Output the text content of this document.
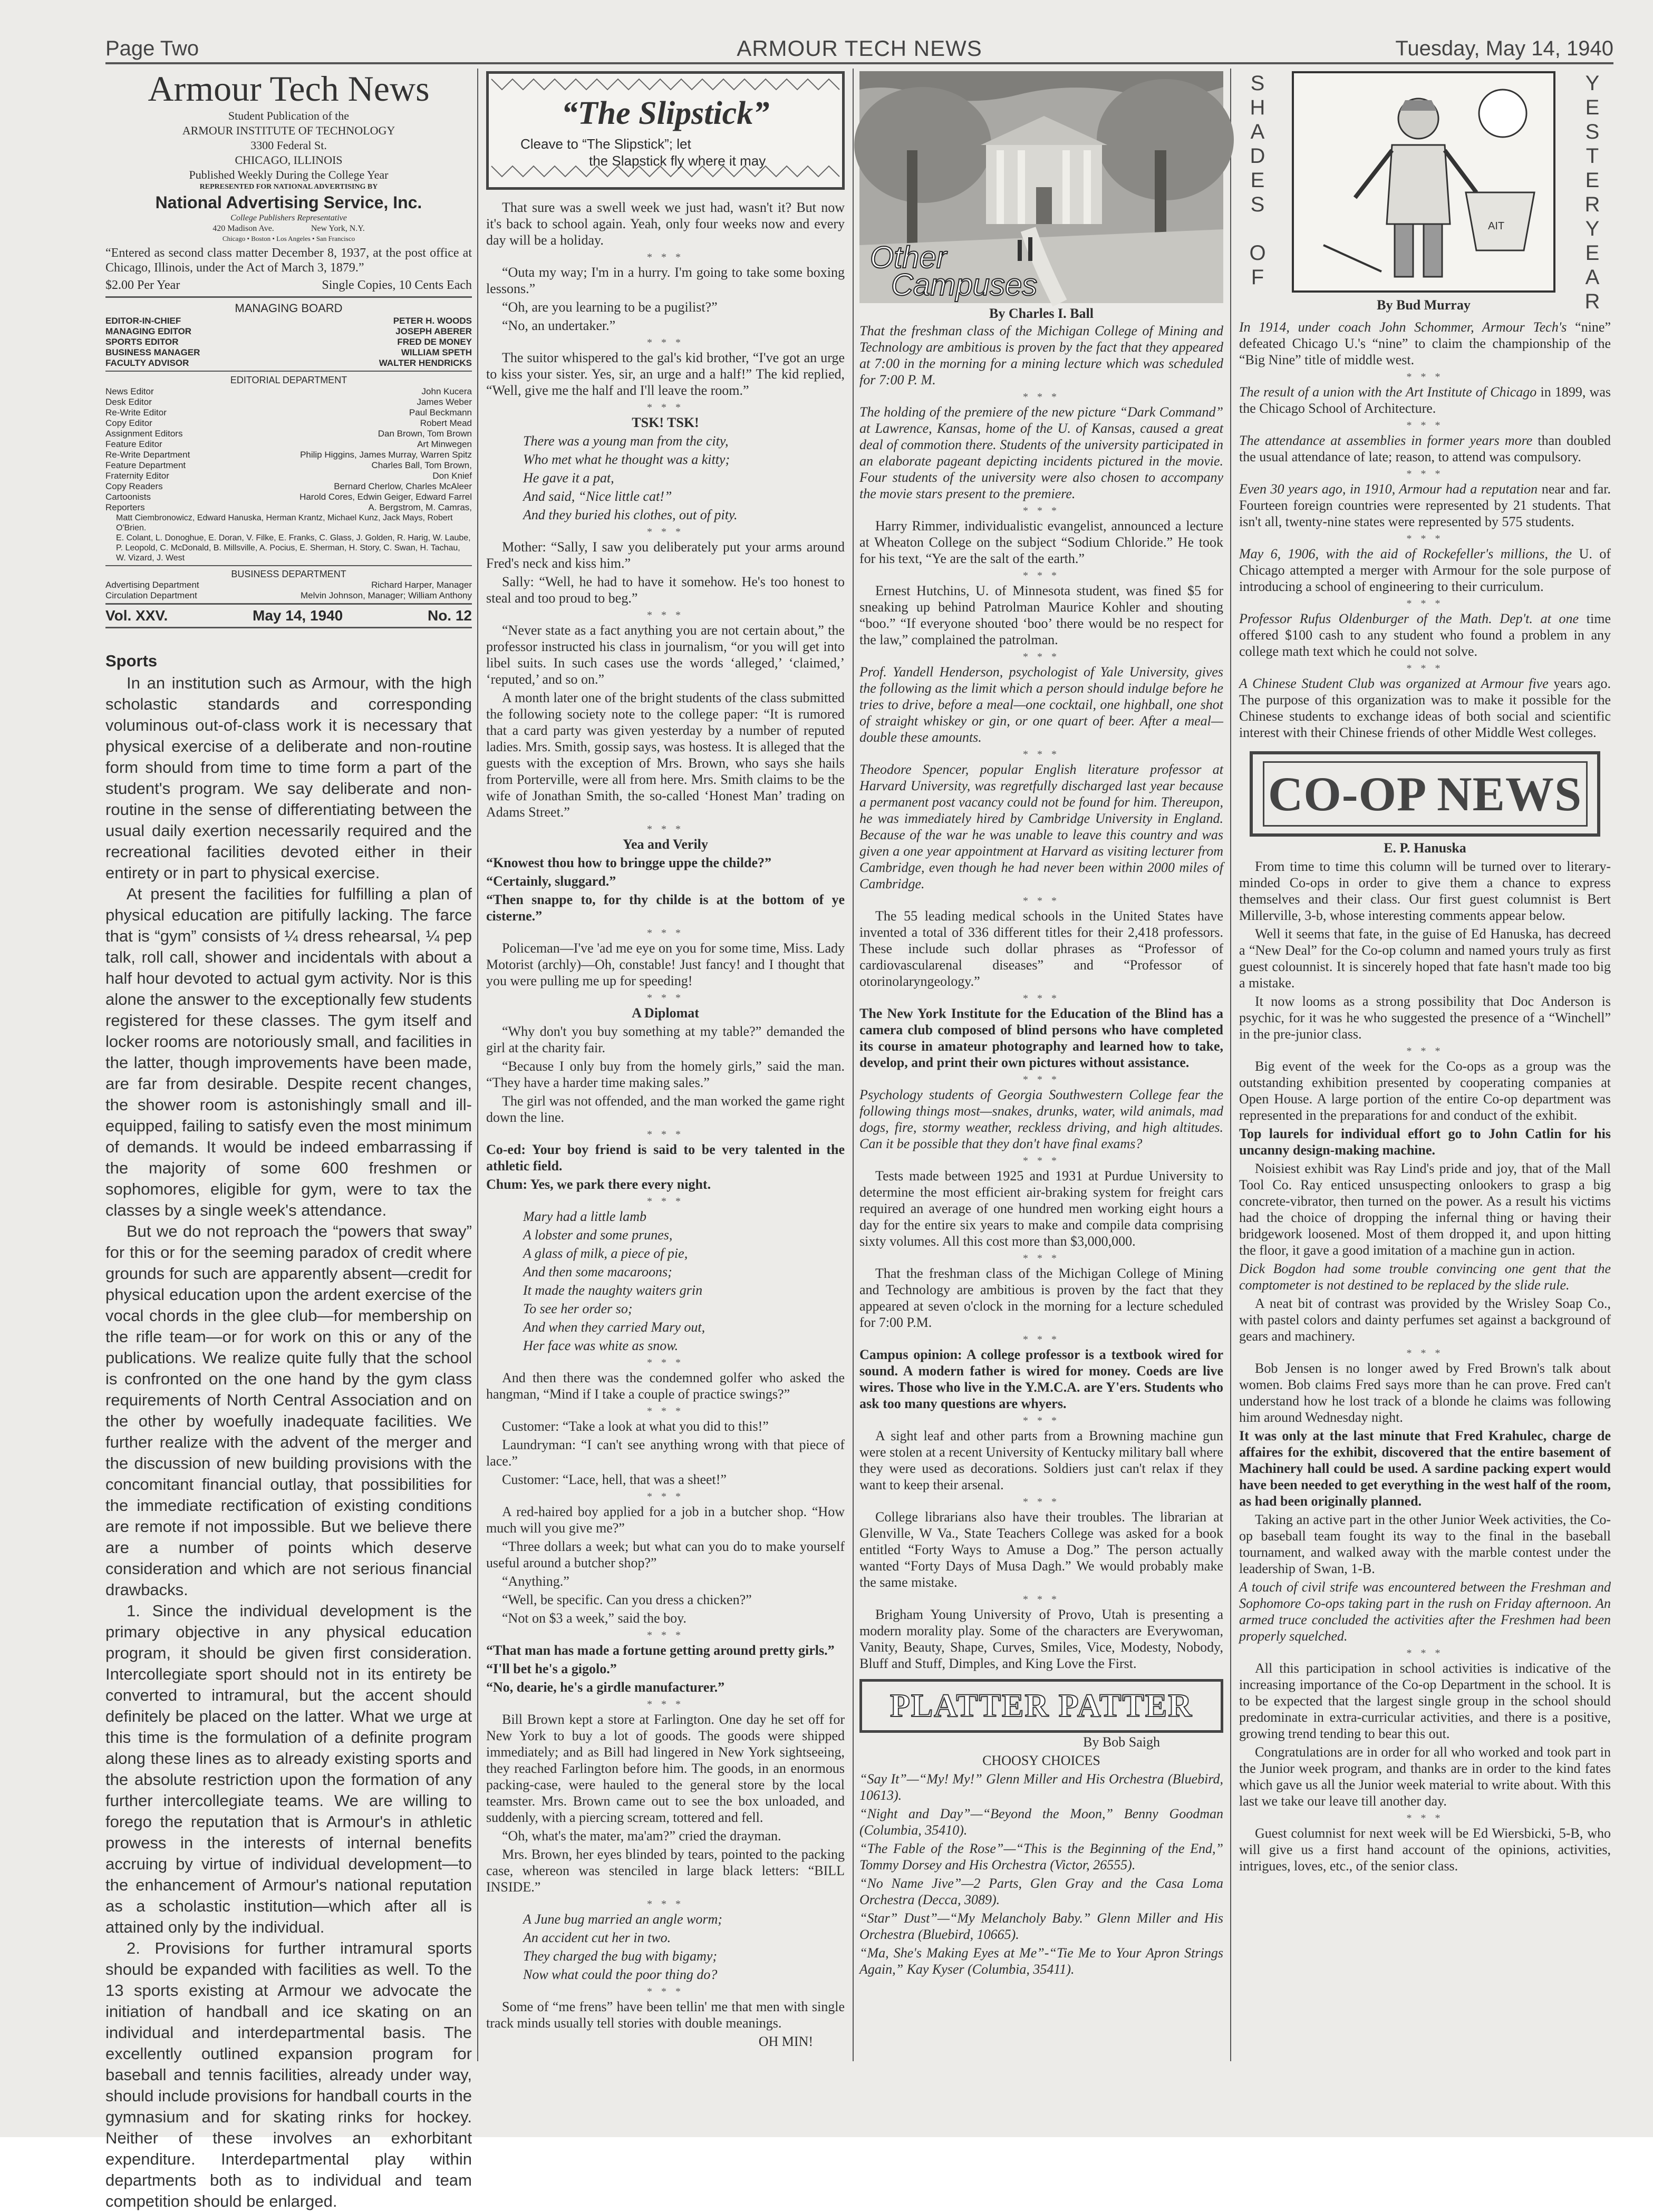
Page Two	ARMOUR TECH NEWS	Tuesday, May 14, 1940
Armour Tech News

Student Publication of the

ARMOUR INSTITUTE OF TECHNOLOGY

3300 Federal St.

CHICAGO, ILLINOIS

Published Weekly During the College Year

REPRESENTED FOR NATIONAL ADVERTISING BY

National Advertising Service, Inc.

College Publishers Representative

420 Madison Ave.	New York, N.Y.

Chicago • Boston • Los Angeles • San Francisco

“Entered as second class matter December 8, 1937, at the post office at Chicago, Illinois, under the Act of March 3, 1879.”

$2.00 Per Year	Single Copies, 10 Cents Each

MANAGING BOARD

EDITOR-IN-CHIEF	PETER H. WOODS
MANAGING EDITOR	JOSEPH ABERER
SPORTS EDITOR	FRED DE MONEY
BUSINESS MANAGER	WILLIAM SPETH
FACULTY ADVISOR	WALTER HENDRICKS

EDITORIAL DEPARTMENT

News Editor	John Kucera
Desk Editor	James Weber
Re-Write Editor	Paul Beckmann
Copy Editor	Robert Mead
Assignment Editors	Dan Brown, Tom Brown
Feature Editor	Art Minwegen
Re-Write Department	Philip Higgins, James Murray, Warren Spitz
Feature Department	Charles Ball, Tom Brown,
Fraternity Editor	Don Knief
Copy Readers	Bernard Cherlow, Charles McAleer
Cartoonists	Harold Cores, Edwin Geiger, Edward Farrel
Reporters	A. Bergstrom, M. Camras,

Matt Ciembronowicz, Edward Hanuska, Herman Krantz, Michael Kunz, Jack Mays, Robert O'Brien.

E. Colant, L. Donoghue, E. Doran, V. Filke, E. Franks, C. Glass, J. Golden, R. Harig, W. Laube, P. Leopold, C. McDonald, B. Millsville, A. Pocius, E. Sherman, H. Story, C. Swan, H. Tachau, W. Vizard, J. West

BUSINESS DEPARTMENT

Advertising Department	Richard Harper, Manager
Circulation Department	Melvin Johnson, Manager; William Anthony
Vol. XXV.	May 14, 1940	No. 12
Sports

In an institution such as Armour, with the high scholastic standards and corresponding voluminous out-of-class work it is necessary that physical exercise of a deliberate and non-routine form should from time to time form a part of the student's program. We say deliberate and non-routine in the sense of differentiating between the usual daily exertion necessarily required and the recreational facilities devoted either in their entirety or in part to physical exercise.

At present the facilities for fulfilling a plan of physical education are pitifully lacking. The farce that is “gym” consists of ¼ dress rehearsal, ¼ pep talk, roll call, shower and incidentals with about a half hour devoted to actual gym activity. Nor is this alone the answer to the exceptionally few students registered for these classes. The gym itself and locker rooms are notoriously small, and facilities in the latter, though improvements have been made, are far from desirable. Despite recent changes, the shower room is astonishingly small and ill-equipped, failing to satisfy even the most minimum of demands. It would be indeed embarrassing if the majority of some 600 freshmen or sophomores, eligible for gym, were to tax the classes by a single week's attendance.

But we do not reproach the “powers that sway” for this or for the seeming paradox of credit where grounds for such are apparently absent—credit for physical education upon the ardent exercise of the vocal chords in the glee club—for membership on the rifle team—or for work on this or any of the publications. We realize quite fully that the school is confronted on the one hand by the gym class requirements of North Central Association and on the other by woefully inadequate facilities. We further realize with the advent of the merger and the discussion of new building provisions with the concomitant financial outlay, that possibilities for the immediate rectification of existing conditions are remote if not impossible. But we believe there are a number of points which deserve consideration and which are not serious financial drawbacks.

1. Since the individual development is the primary objective in any physical education program, it should be given first consideration. Intercollegiate sport should not in its entirety be converted to intramural, but the accent should definitely be placed on the latter. What we urge at this time is the formulation of a definite program along these lines as to already existing sports and the absolute restriction upon the formation of any further intercollegiate teams. We are willing to forego the reputation that is Armour's in athletic prowess in the interests of internal benefits accruing by virtue of individual development—to the enhancement of Armour's national reputation as a scholastic institution—which after all is attained only by the individual.

2. Provisions for further intramural sports should be expanded with facilities as well. To the 13 sports existing at Armour we advocate the initiation of handball and ice skating on an individual and interdepartmental basis. The excellently outlined expansion program for baseball and tennis facilities, already under way, should include provisions for handball courts in the gymnasium and for skating rinks for hockey. Neither of these involves an exhorbitant expenditure. Interdepartmental play within departments both as to individual and team competition should be enlarged.

“The Slipstick”
Cleave to “The Slipstick”; let
the Slapstick fly where it may

That sure was a swell week we just had, wasn't it? But now it's back to school again. Yeah, only four weeks now and every day will be a holiday.

* * *

“Outa my way; I'm in a hurry. I'm going to take some boxing lessons.”

“Oh, are you learning to be a pugilist?”

“No, an undertaker.”

* * *

The suitor whispered to the gal's kid brother, “I've got an urge to kiss your sister. Yes, sir, an urge and a half!” The kid replied, “Well, give me the half and I'll leave the room.”

* * *

TSK! TSK!

There was a young man from the city,

Who met what he thought was a kitty;

He gave it a pat,

And said, “Nice little cat!”

And they buried his clothes, out of pity.

* * *

Mother: “Sally, I saw you deliberately put your arms around Fred's neck and kiss him.”

Sally: “Well, he had to have it somehow. He's too honest to steal and too proud to beg.”

* * *

“Never state as a fact anything you are not certain about,” the professor instructed his class in journalism, “or you will get into libel suits. In such cases use the words ‘alleged,’ ‘claimed,’ ‘reputed,’ and so on.”

A month later one of the bright students of the class submitted the following society note to the college paper: “It is rumored that a card party was given yesterday by a number of reputed ladies. Mrs. Smith, gossip says, was hostess. It is alleged that the guests with the exception of Mrs. Brown, who says she hails from Porterville, were all from here. Mrs. Smith claims to be the wife of Jonathan Smith, the so-called ‘Honest Man’ trading on Adams Street.”

* * *

Yea and Verily

“Knowest thou how to bringge uppe the childe?”

“Certainly, sluggard.”

“Then snappe to, for thy childe is at the bottom of ye cisterne.”

* * *

Policeman—I've 'ad me eye on you for some time, Miss. Lady Motorist (archly)—Oh, constable! Just fancy! and I thought that you were pulling me up for speeding!

* * *

A Diplomat

“Why don't you buy something at my table?” demanded the girl at the charity fair.

“Because I only buy from the homely girls,” said the man. “They have a harder time making sales.”

The girl was not offended, and the man worked the game right down the line.

* * *

Co-ed: Your boy friend is said to be very talented in the athletic field.

Chum: Yes, we park there every night.

* * *

Mary had a little lamb

A lobster and some prunes,

A glass of milk, a piece of pie,

And then some macaroons;

It made the naughty waiters grin

To see her order so;

And when they carried Mary out,

Her face was white as snow.

* * *

And then there was the condemned golfer who asked the hangman, “Mind if I take a couple of practice swings?”

* * *

Customer: “Take a look at what you did to this!”

Laundryman: “I can't see anything wrong with that piece of lace.”

Customer: “Lace, hell, that was a sheet!”

* * *

A red-haired boy applied for a job in a butcher shop. “How much will you give me?”

“Three dollars a week; but what can you do to make yourself useful around a butcher shop?”

“Anything.”

“Well, be specific. Can you dress a chicken?”

“Not on $3 a week,” said the boy.

* * *

“That man has made a fortune getting around pretty girls.”

“I'll bet he's a gigolo.”

“No, dearie, he's a girdle manufacturer.”

* * *

Bill Brown kept a store at Farlington. One day he set off for New York to buy a lot of goods. The goods were shipped immediately; and as Bill had lingered in New York sightseeing, they reached Farlington before him. The goods, in an enormous packing-case, were hauled to the general store by the local teamster. Mrs. Brown came out to see the box unloaded, and suddenly, with a piercing scream, tottered and fell.

“Oh, what's the mater, ma'am?” cried the drayman.

Mrs. Brown, her eyes blinded by tears, pointed to the packing case, whereon was stenciled in large black letters: “BILL INSIDE.”

* * *

A June bug married an angle worm;

An accident cut her in two.

They charged the bug with bigamy;

Now what could the poor thing do?

* * *

Some of “me frens” have been tellin' me that men with single track minds usually tell stories with double meanings.

OH MIN!

Other
Campuses

By Charles I. Ball

That the freshman class of the Michigan College of Mining and Technology are ambitious is proven by the fact that they appeared at 7:00 in the morning for a mining lecture which was scheduled for 7:00 P. M.

* * *

The holding of the premiere of the new picture “Dark Command” at Lawrence, Kansas, home of the U. of Kansas, caused a great deal of commotion there. Students of the university participated in an elaborate pageant depicting incidents pictured in the movie. Four students of the university were also chosen to accompany the movie stars present to the premiere.

* * *

Harry Rimmer, individualistic evangelist, announced a lecture at Wheaton College on the subject “Sodium Chloride.” He took for his text, “Ye are the salt of the earth.”

* * *

Ernest Hutchins, U. of Minnesota student, was fined $5 for sneaking up behind Patrolman Maurice Kohler and shouting “boo.” “If everyone shouted ‘boo’ there would be no respect for the law,” complained the patrolman.

* * *

Prof. Yandell Henderson, psychologist of Yale University, gives the following as the limit which a person should indulge before he tries to drive, before a meal—one cocktail, one highball, one shot of straight whiskey or gin, or one quart of beer. After a meal—double these amounts.

* * *

Theodore Spencer, popular English literature professor at Harvard University, was regretfully discharged last year because a permanent post vacancy could not be found for him. Thereupon, he was immediately hired by Cambridge University in England. Because of the war he was unable to leave this country and was given a one year appointment at Harvard as visiting lecturer from Cambridge, even though he had never been within 2000 miles of Cambridge.

* * *

The 55 leading medical schools in the United States have invented a total of 336 different titles for their 2,418 professors. These include such dollar phrases as “Professor of cardiovascularenal diseases” and “Professor of otorinolaryngeology.”

* * *

The New York Institute for the Education of the Blind has a camera club composed of blind persons who have completed its course in amateur photography and learned how to take, develop, and print their own pictures without assistance.

* * *

Psychology students of Georgia Southwestern College fear the following things most—snakes, drunks, water, wild animals, mad dogs, fire, stormy weather, reckless driving, and high altitudes. Can it be possible that they don't have final exams?

* * *

Tests made between 1925 and 1931 at Purdue University to determine the most efficient air-braking system for freight cars required an average of one hundred men working eight hours a day for the entire six years to make and compile data comprising sixty volumes. All this cost more than $3,000,000.

* * *

That the freshman class of the Michigan College of Mining and Technology are ambitious is proven by the fact that they appeared at seven o'clock in the morning for a lecture scheduled for 7:00 P.M.

* * *

Campus opinion: A college professor is a textbook wired for sound. A modern father is wired for money. Coeds are live wires. Those who live in the Y.M.C.A. are Y'ers. Students who ask too many questions are whyers.

* * *

A sight leaf and other parts from a Browning machine gun were stolen at a recent University of Kentucky military ball where they were used as decorations. Soldiers just can't relax if they want to keep their arsenal.

* * *

College librarians also have their troubles. The librarian at Glenville, W Va., State Teachers College was asked for a book entitled “Forty Ways to Amuse a Dog.” The person actually wanted “Forty Days of Musa Dagh.” We would probably make the same mistake.

* * *

Brigham Young University of Provo, Utah is presenting a modern morality play. Some of the characters are Everywoman, Vanity, Beauty, Shape, Curves, Smiles, Vice, Modesty, Nobody, Bluff and Stuff, Dimples, and King Love the First.

PLATTER PATTER

By Bob Saigh

CHOOSY CHOICES

“Say It”—“My! My!” Glenn Miller and His Orchestra (Bluebird, 10613).

“Night and Day”—“Beyond the Moon,” Benny Goodman (Columbia, 35410).

“The Fable of the Rose”—“This is the Beginning of the End,” Tommy Dorsey and His Orchestra (Victor, 26555).

“No Name Jive”—2 Parts, Glen Gray and the Casa Loma Orchestra (Decca, 3089).

“Star” Dust”—“My Melancholy Baby.” Glenn Miller and His Orchestra (Bluebird, 10665).

“Ma, She's Making Eyes at Me”-“Tie Me to Your Apron Strings Again,” Kay Kyser (Columbia, 35411).

S
H
A
D
E
S

O
F
Y
E
S
T
E
R
Y
E
A
R
AIT

By Bud Murray

In 1914, under coach John Schommer, Armour Tech's “nine” defeated Chicago U.'s “nine” to claim the championship of the “Big Nine” title of middle west.

* * *

The result of a union with the Art Institute of Chicago in 1899, was the Chicago School of Architecture.

* * *

The attendance at assemblies in former years more than doubled the usual attendance of late; reason, to attend was compulsory.

* * *

Even 30 years ago, in 1910, Armour had a reputation near and far. Fourteen foreign countries were represented by 21 students. That isn't all, twenty-nine states were represented by 575 students.

* * *

May 6, 1906, with the aid of Rockefeller's millions, the U. of Chicago attempted a merger with Armour for the sole purpose of introducing a school of engineering to their curriculum.

* * *

Professor Rufus Oldenburger of the Math. Dep't. at one time offered $100 cash to any student who found a problem in any college math text which he could not solve.

* * *

A Chinese Student Club was organized at Armour five years ago. The purpose of this organization was to make it possible for the Chinese students to exchange ideas of both social and scientific interest with their Chinese friends of other Middle West colleges.

CO-OP NEWS

E. P. Hanuska

From time to time this column will be turned over to literary-minded Co-ops in order to give them a chance to express themselves and their class. Our first guest columnist is Bert Millerville, 3-b, whose interesting comments appear below.

Well it seems that fate, in the guise of Ed Hanuska, has decreed a “New Deal” for the Co-op column and named yours truly as first guest colounnist. It is sincerely hoped that fate hasn't made too big a mistake.

It now looms as a strong possibility that Doc Anderson is psychic, for it was he who suggested the presence of a “Winchell” in the pre-junior class.

* * *

Big event of the week for the Co-ops as a group was the outstanding exhibition presented by cooperating companies at Open House. A large portion of the entire Co-op department was represented in the preparations for and conduct of the exhibit.

Top laurels for individual effort go to John Catlin for his uncanny design-making machine.

Noisiest exhibit was Ray Lind's pride and joy, that of the Mall Tool Co. Ray enticed unsuspecting onlookers to grasp a big concrete-vibrator, then turned on the power. As a result his victims had the choice of dropping the infernal thing or having their bridgework loosened. Most of them dropped it, and upon hitting the floor, it gave a good imitation of a machine gun in action.

Dick Bogdon had some trouble convincing one gent that the comptometer is not destined to be replaced by the slide rule.

A neat bit of contrast was provided by the Wrisley Soap Co., with pastel colors and dainty perfumes set against a background of gears and machinery.

* * *

Bob Jensen is no longer awed by Fred Brown's talk about women. Bob claims Fred says more than he can prove. Fred can't understand how he lost track of a blonde he claims was following him around Wednesday night.

It was only at the last minute that Fred Krahulec, charge de affaires for the exhibit, discovered that the entire basement of Machinery hall could be used. A sardine packing expert would have been needed to get everything in the west half of the room, as had been originally planned.

Taking an active part in the other Junior Week activities, the Co-op baseball team fought its way to the final in the baseball tournament, and walked away with the marble contest under the leadership of Swan, 1-B.

A touch of civil strife was encountered between the Freshman and Sophomore Co-ops taking part in the rush on Friday afternoon. An armed truce concluded the activities after the Freshmen had been properly squelched.

* * *

All this participation in school activities is indicative of the increasing importance of the Co-op Department in the school. It is to be expected that the largest single group in the school should predominate in extra-curricular activities, and there is a positive, growing trend tending to bear this out.

Congratulations are in order for all who worked and took part in the Junior week program, and thanks are in order to the kind fates which gave us all the Junior week material to write about. With this last we take our leave till another day.

* * *

Guest columnist for next week will be Ed Wiersbicki, 5-B, who will give us a first hand account of the opinions, activities, intrigues, loves, etc., of the senior class.
